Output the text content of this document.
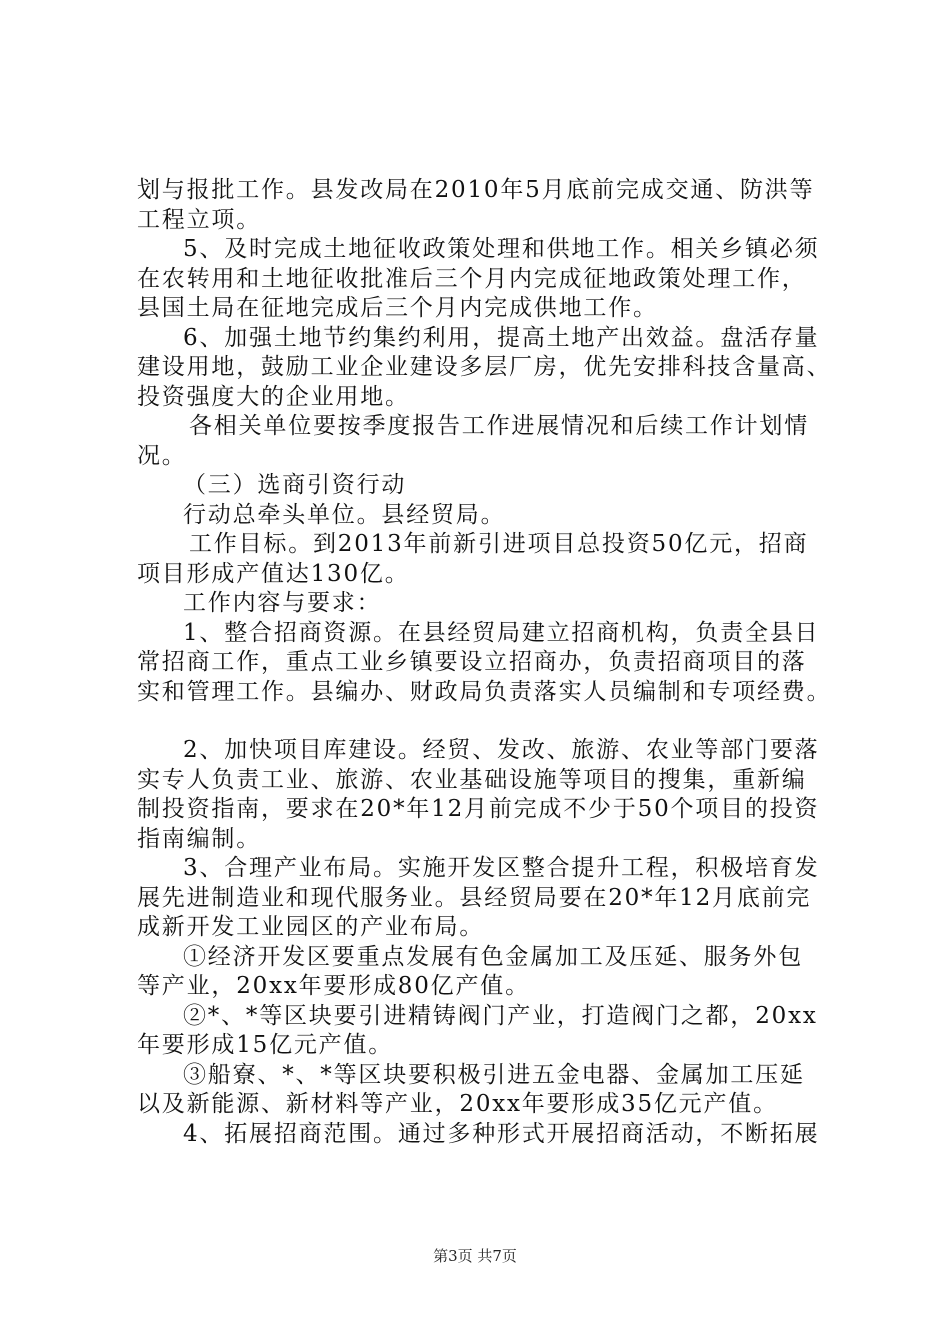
划与报批工作。县发改局在2010年5月底前完成交通、防洪等
工程立项。
5、及时完成土地征收政策处理和供地工作。相关乡镇必须
在农转用和土地征收批准后三个月内完成征地政策处理工作，
县国土局在征地完成后三个月内完成供地工作。
6、加强土地节约集约利用，提高土地产出效益。盘活存量
建设用地，鼓励工业企业建设多层厂房，优先安排科技含量高、
投资强度大的企业用地。
各相关单位要按季度报告工作进展情况和后续工作计划情
况。
（三）选商引资行动
行动总牵头单位。县经贸局。
工作目标。到2013年前新引进项目总投资50亿元，招商
项目形成产值达130亿。
工作内容与要求：
1、整合招商资源。在县经贸局建立招商机构，负责全县日
常招商工作，重点工业乡镇要设立招商办，负责招商项目的落
实和管理工作。县编办、财政局负责落实人员编制和专项经费。
2、加快项目库建设。经贸、发改、旅游、农业等部门要落
实专人负责工业、旅游、农业基础设施等项目的搜集，重新编
制投资指南，要求在20*年12月前完成不少于50个项目的投资
指南编制。
3、合理产业布局。实施开发区整合提升工程，积极培育发
展先进制造业和现代服务业。县经贸局要在20*年12月底前完
成新开发工业园区的产业布局。
①经济开发区要重点发展有色金属加工及压延、服务外包
等产业，20xx年要形成80亿产值。
②*、*等区块要引进精铸阀门产业，打造阀门之都，20xx
年要形成15亿元产值。
③船寮、*、*等区块要积极引进五金电器、金属加工压延
以及新能源、新材料等产业，20xx年要形成35亿元产值。
4、拓展招商范围。通过多种形式开展招商活动，不断拓展
第3页 共7页
